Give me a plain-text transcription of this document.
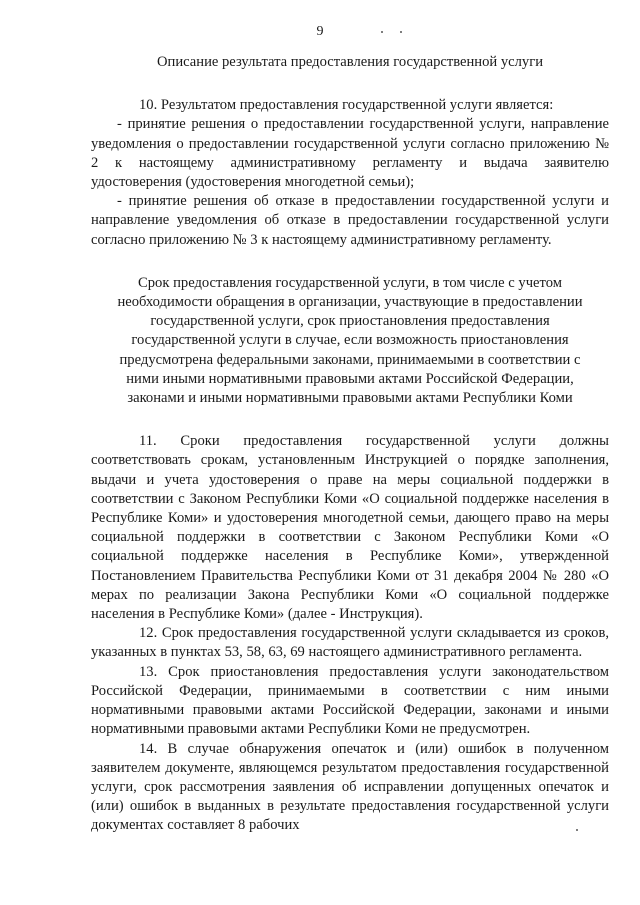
9

Описание результата предоставления государственной услуги

10. Результатом предоставления государственной услуги является:

- принятие решения о предоставлении государственной услуги, направление уведомления о предоставлении государственной услуги согласно приложению № 2 к настоящему административному регламенту и выдача заявителю удостоверения (удостоверения многодетной семьи);

- принятие решения об отказе в предоставлении государственной услуги и направление уведомления об отказе в предоставлении государственной услуги согласно приложению № 3 к настоящему административному регламенту.

Срок предоставления государственной услуги, в том числе с учетом

необходимости обращения в организации, участвующие в предоставлении

государственной услуги, срок приостановления предоставления

государственной услуги в случае, если возможность приостановления

предусмотрена федеральными законами, принимаемыми в соответствии с

ними иными нормативными правовыми актами Российской Федерации,

законами и иными нормативными правовыми актами Республики Коми

11. Сроки предоставления государственной услуги должны соответствовать срокам, установленным Инструкцией о порядке заполнения, выдачи и учета удостоверения о праве на меры социальной поддержки в соответствии с Законом Республики Коми «О социальной поддержке населения в Республике Коми» и удостоверения многодетной семьи, дающего право на меры социальной поддержки в соответствии с Законом Республики Коми «О социальной поддержке населения в Республике Коми», утвержденной Постановлением Правительства Республики Коми от 31 декабря 2004 № 280 «О мерах по реализации Закона Республики Коми «О социальной поддержке населения в Республике Коми» (далее - Инструкция).

12. Срок предоставления государственной услуги складывается из сроков, указанных в пунктах 53, 58, 63, 69 настоящего административного регламента.

13. Срок приостановления предоставления услуги законодательством Российской Федерации, принимаемыми в соответствии с ним иными нормативными правовыми актами Российской Федерации, законами и иными нормативными правовыми актами Республики Коми не предусмотрен.

14. В случае обнаружения опечаток и (или) ошибок в полученном заявителем документе, являющемся результатом предоставления государственной услуги, срок рассмотрения заявления об исправлении допущенных опечаток и (или) ошибок в выданных в результате предоставления государственной услуги документах составляет 8 рабочих
